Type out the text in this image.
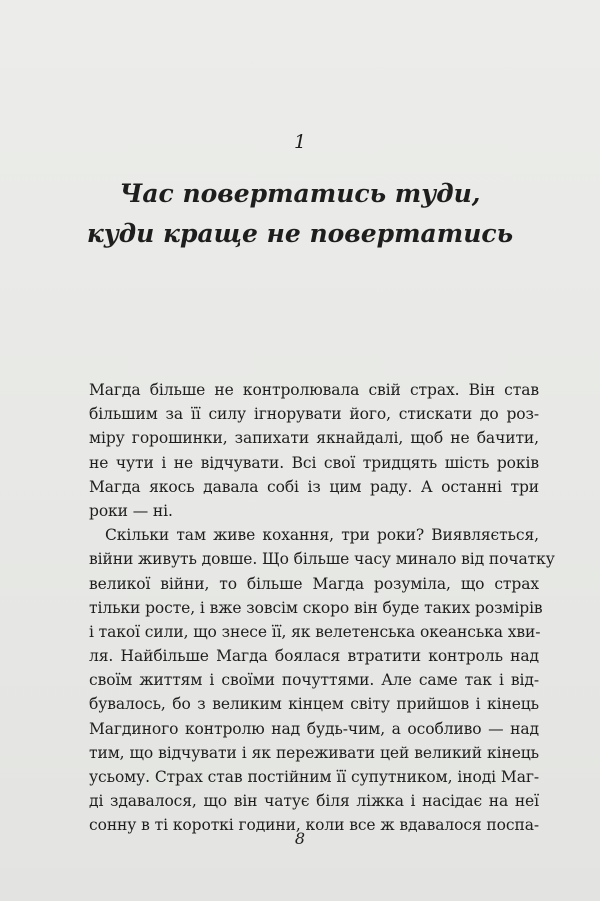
1
Час повертатись туди,
куди краще не повертатись
Магда більше не контролювала свій страх. Він став
більшим за її силу ігнорувати його, стискати до роз-
міру горошинки, запихати якнайдалі, щоб не бачити,
не чути і не відчувати. Всі свої тридцять шість років
Магда якось давала собі із цим раду. А останні три
роки — ні.
Скільки там живе кохання, три роки? Виявляється,
війни живуть довше. Що більше часу минало від початку
великої війни, то більше Магда розуміла, що страх
тільки росте, і вже зовсім скоро він буде таких розмірів
і такої сили, що знесе її, як велетенська океанська хви-
ля. Найбільше Магда боялася втратити контроль над
своїм життям і своїми почуттями. Але саме так і від-
бувалось, бо з великим кінцем світу прийшов і кінець
Магдиного контролю над будь-чим, а особливо — над
тим, що відчувати і як переживати цей великий кінець
усьому. Страх став постійним її супутником, іноді Маг-
ді здавалося, що він чатує біля ліжка і насідає на неї
сонну в ті короткі години, коли все ж вдавалося поспа-
8
